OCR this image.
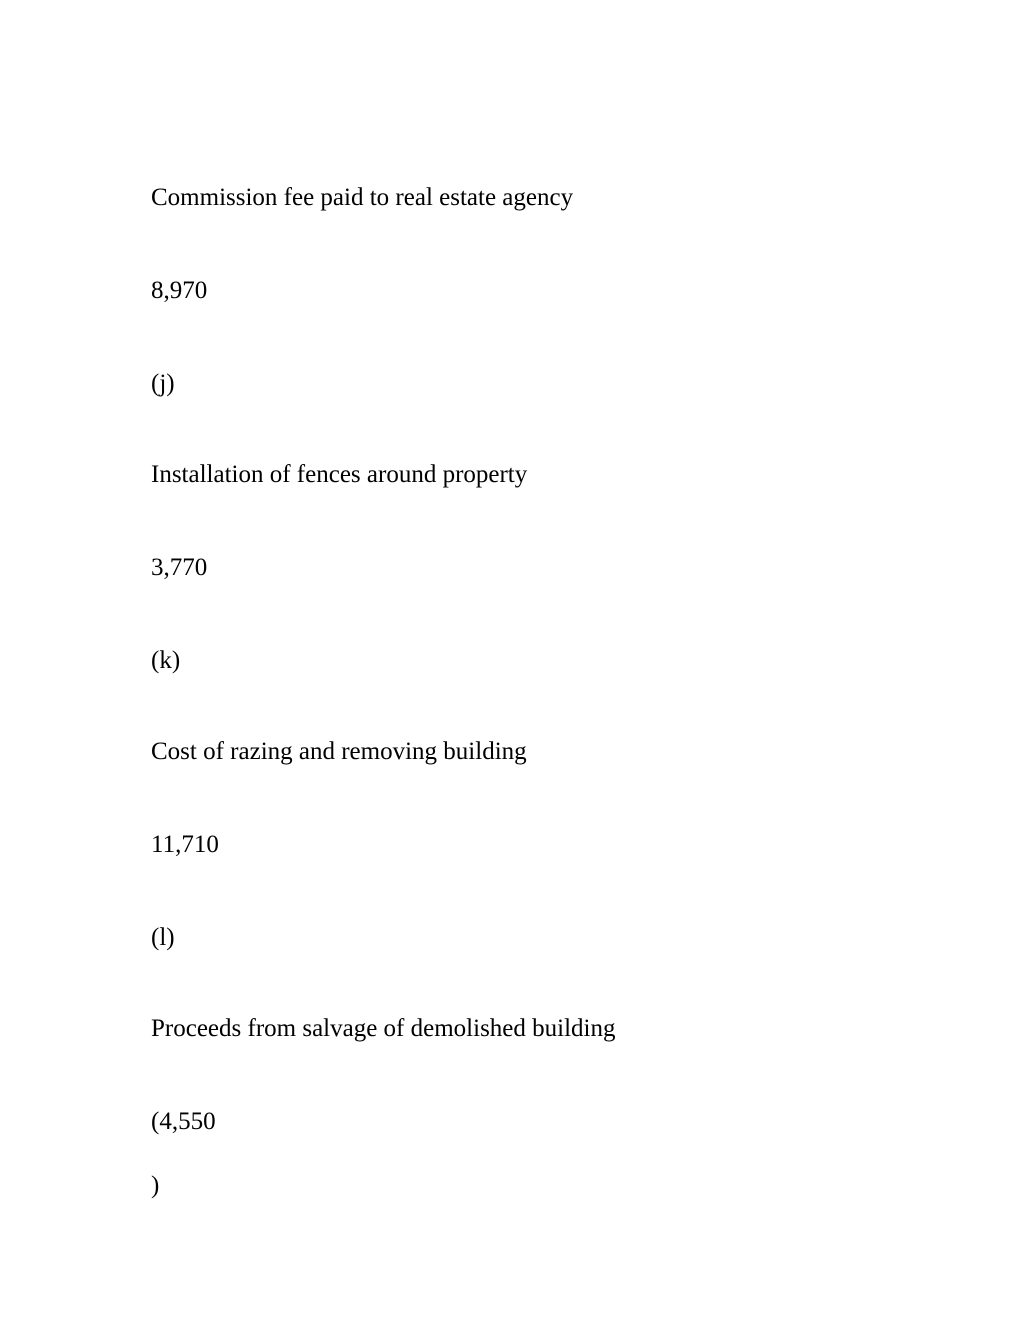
Commission fee paid to real estate agency
8,970
(j)
Installation of fences around property
3,770
(k)
Cost of razing and removing building
11,710
(l)
Proceeds from salvage of demolished building
(4,550
)
